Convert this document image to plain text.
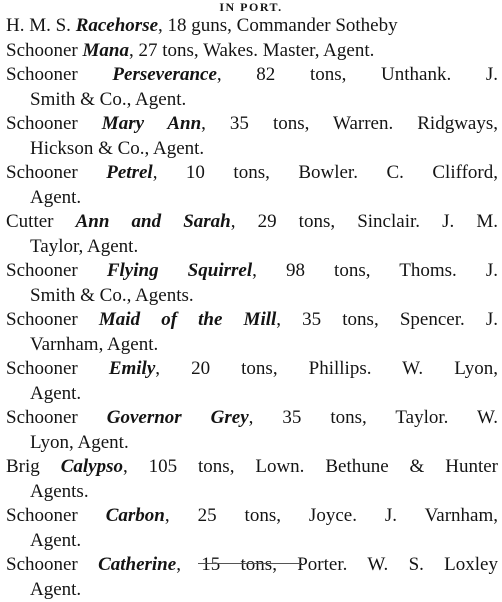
IN PORT.
H. M. S. Racehorse, 18 guns, Commander Sotheby
Schooner Mana, 27 tons, Wakes. Master, Agent.
Schooner Perseverance, 82 tons, Unthank. J.
Smith & Co., Agent.
Schooner Mary Ann, 35 tons, Warren. Ridgways,
Hickson & Co., Agent.
Schooner Petrel, 10 tons, Bowler. C. Clifford,
Agent.
Cutter Ann and Sarah, 29 tons, Sinclair. J. M.
Taylor, Agent.
Schooner Flying Squirrel, 98 tons, Thoms. J.
Smith & Co., Agents.
Schooner Maid of the Mill, 35 tons, Spencer. J.
Varnham, Agent.
Schooner Emily, 20 tons, Phillips. W. Lyon,
Agent.
Schooner Governor Grey, 35 tons, Taylor. W.
Lyon, Agent.
Brig Calypso, 105 tons, Lown. Bethune & Hunter
Agents.
Schooner Carbon, 25 tons, Joyce. J. Varnham,
Agent.
Schooner Catherine, 15 tons, Porter. W. S. Loxley
Agent.
